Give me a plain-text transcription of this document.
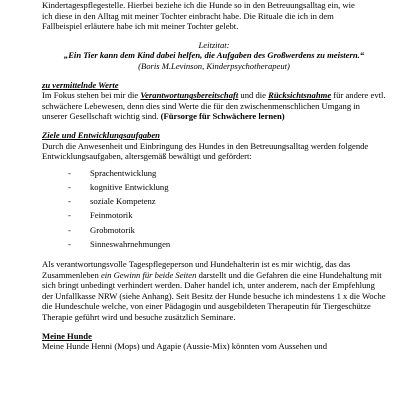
Kindertagespflegestelle. Hierbei beziehe ich die Hunde so in den Betreuungsalltag ein, wie

ich diese in den Alltag mit meiner Tochter einbracht habe. Die Rituale die ich in dem

Fallbeispiel erläutere habe ich mit meiner Tochter gelebt.

Leitzitat:

„Ein Tier kann dem Kind dabei helfen, die Aufgaben des Großwerdens zu meistern.“

(Boris M.Levinson, Kinderpsychotherapeut)

zu vermittelnde Werte

Im Fokus stehen bei mir die Verantwortungsbereitschaft und die Rücksichtsnahme für andere evtl. schwächere Lebewesen, denn dies sind Werte die für den zwischenmenschlichen Umgang in unserer Gesellschaft wichtig sind. (Fürsorge für Schwächere lernen)

Ziele und Entwicklungsaufgaben

Durch die Anwesenheit und Einbringung des Hundes in den Betreuungsalltag werden folgende Entwicklungsaufgaben, altersgemäß bewältigt und gefördert:

- Sprachentwicklung
- kognitive Entwicklung
- soziale Kompetenz
- Feinmotorik
- Grobmotorik
- Sinneswahrnehmungen

Als verantwortungsvolle Tagespflegeperson und Hundehalterin ist es mir wichtig, das das Zusammenleben ein Gewinn für beide Seiten darstellt und die Gefahren die eine Hundehaltung mit sich bringt unbedingt verhindert werden. Daher handel ich, unter anderem, nach der Empfehlung der Unfallkasse NRW (siehe Anhang). Seit Besitz der Hunde besuche ich mindestens 1 x die Woche die Hundeschule welche, von einer Pädagogin und ausgebildeten Therapeutin für Tiergeschütze Therapie geführt wird und besuche zusätzlich Seminare.

Meine Hunde

Meine Hunde Henni (Mops) und Agapie (Aussie-Mix) könnten vom Aussehen und
